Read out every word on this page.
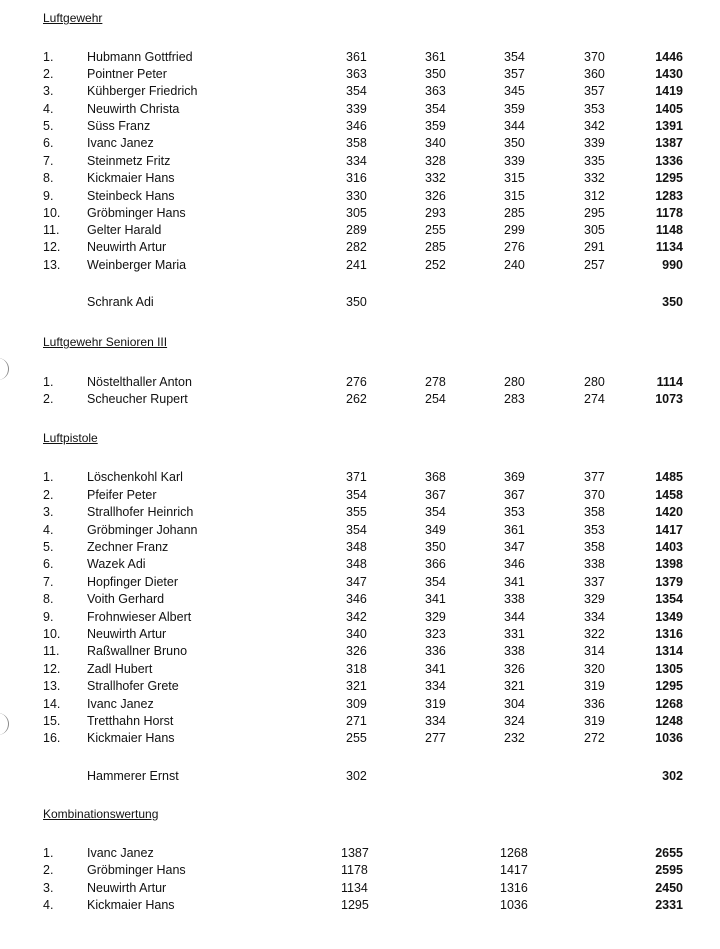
Luftgewehr
1.	Hubmann Gottfried	361	361	354	370	1446
2.	Pointner Peter	363	350	357	360	1430
3.	Kühberger Friedrich	354	363	345	357	1419
4.	Neuwirth Christa	339	354	359	353	1405
5.	Süss Franz	346	359	344	342	1391
6.	Ivanc Janez	358	340	350	339	1387
7.	Steinmetz Fritz	334	328	339	335	1336
8.	Kickmaier Hans	316	332	315	332	1295
9.	Steinbeck Hans	330	326	315	312	1283
10. Gröbminger Hans	305	293	285	295	1178
11. Gelter Harald	289	255	299	305	1148
12. Neuwirth Artur	282	285	276	291	1134
13. Weinberger Maria	241	252	240	257	990
Schrank Adi	350	350
Luftgewehr Senioren III
1.	Nöstelthaller Anton	276	278	280	280	1114
2.	Scheucher Rupert	262	254	283	274	1073
Luftpistole
1.	Löschenkohl Karl	371	368	369	377	1485
2.	Pfeifer Peter	354	367	367	370	1458
3.	Strallhofer Heinrich	355	354	353	358	1420
4.	Gröbminger Johann	354	349	361	353	1417
5.	Zechner Franz	348	350	347	358	1403
6.	Wazek Adi	348	366	346	338	1398
7.	Hopfinger Dieter	347	354	341	337	1379
8.	Voith Gerhard	346	341	338	329	1354
9.	Frohnwieser Albert	342	329	344	334	1349
10. Neuwirth Artur	340	323	331	322	1316
11. Raßwallner Bruno	326	336	338	314	1314
12. Zadl Hubert	318	341	326	320	1305
13. Strallhofer Grete	321	334	321	319	1295
14. Ivanc Janez	309	319	304	336	1268
15. Tretthahn Horst	271	334	324	319	1248
16. Kickmaier Hans	255	277	232	272	1036
Hammerer Ernst	302	302
Kombinationswertung
1.	Ivanc Janez	1387	1268	2655
2.	Gröbminger Hans	1178	1417	2595
3.	Neuwirth Artur	1134	1316	2450
4.	Kickmaier Hans	1295	1036	2331
